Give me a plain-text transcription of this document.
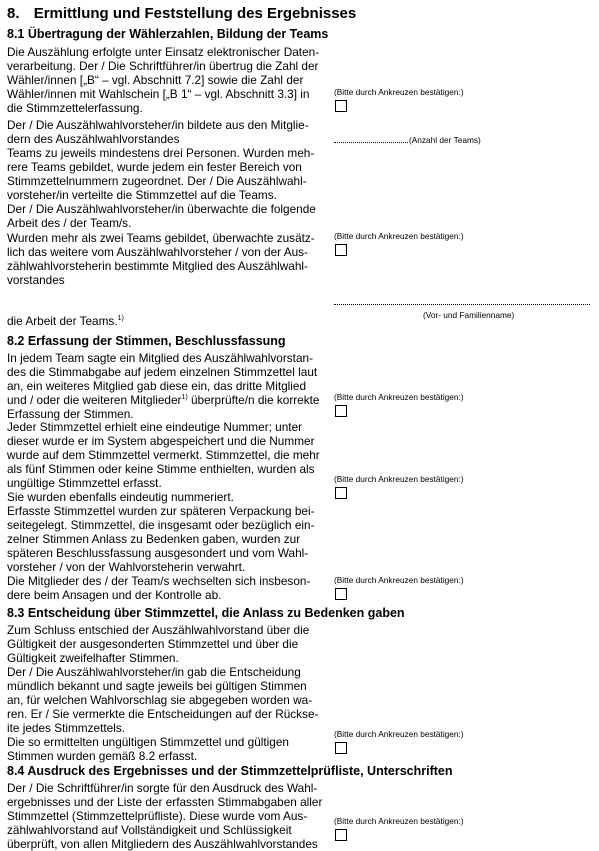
8. Ermittlung und Feststellung des Ergebnisses
8.1 Übertragung der Wählerzahlen, Bildung der Teams
Die Auszählung erfolgte unter Einsatz elektronischer Daten-
verarbeitung. Der / Die Schriftführer/in übertrug die Zahl der
Wähler/innen [„B“ – vgl. Abschnitt 7.2] sowie die Zahl der
Wähler/innen mit Wahlschein [„B 1“ – vgl. Abschnitt 3.3] in
die Stimmzettelerfassung.
(Bitte durch Ankreuzen bestätigen:)
Der / Die Auszählwahlvorsteher/in bildete aus den Mitglie-
dern des Auszählwahlvorstandes
Teams zu jeweils mindestens drei Personen. Wurden meh-
rere Teams gebildet, wurde jedem ein fester Bereich von
Stimmzettelnummern zugeordnet. Der / Die Auszählwahl-
vorsteher/in verteilte die Stimmzettel auf die Teams.
Der / Die Auszählwahlvorsteher/in überwachte die folgende
Arbeit des / der Team/s.
(Anzahl der Teams)
Wurden mehr als zwei Teams gebildet, überwachte zusätz-
lich das weitere vom Auszählwahlvorsteher / von der Aus-
zählwahlvorsteherin bestimmte Mitglied des Auszählwahl-
vorstandes
(Bitte durch Ankreuzen bestätigen:)
(Vor- und Familienname)
die Arbeit der Teams.$^{1)}$
8.2 Erfassung der Stimmen, Beschlussfassung
In jedem Team sagte ein Mitglied des Auszählwahlvorstan-
des die Stimmabgabe auf jedem einzelnen Stimmzettel laut
an, ein weiteres Mitglied gab diese ein, das dritte Mitglied
und / oder die weiteren Mitglieder$^{1)}$ überprüfte/n die korrekte
Erfassung der Stimmen.
(Bitte durch Ankreuzen bestätigen:)
Jeder Stimmzettel erhielt eine eindeutige Nummer; unter
dieser wurde er im System abgespeichert und die Nummer
wurde auf dem Stimmzettel vermerkt. Stimmzettel, die mehr
als fünf Stimmen oder keine Stimme enthielten, wurden als
ungültige Stimmzettel erfasst.
Sie wurden ebenfalls eindeutig nummeriert.
Erfasste Stimmzettel wurden zur späteren Verpackung bei-
seitegelegt. Stimmzettel, die insgesamt oder bezüglich ein-
zelner Stimmen Anlass zu Bedenken gaben, wurden zur
späteren Beschlussfassung ausgesondert und vom Wahl-
vorsteher / von der Wahlvorsteherin verwahrt.
Die Mitglieder des / der Team/s wechselten sich insbeson-
dere beim Ansagen und der Kontrolle ab.
(Bitte durch Ankreuzen bestätigen:)
(Bitte durch Ankreuzen bestätigen:)
8.3 Entscheidung über Stimmzettel, die Anlass zu Bedenken gaben
Zum Schluss entschied der Auszählwahlvorstand über die
Gültigkeit der ausgesonderten Stimmzettel und über die
Gültigkeit zweifelhafter Stimmen.
Der / Die Auszählwahlvorsteher/in gab die Entscheidung
mündlich bekannt und sagte jeweils bei gültigen Stimmen
an, für welchen Wahlvorschlag sie abgegeben worden wa-
ren. Er / Sie vermerkte die Entscheidungen auf der Rückse-
ite jedes Stimmzettels.
Die so ermittelten ungültigen Stimmzettel und gültigen
Stimmen wurden gemäß 8.2 erfasst.
(Bitte durch Ankreuzen bestätigen:)
8.4 Ausdruck des Ergebnisses und der Stimmzettelprüfliste, Unterschriften
Der / Die Schriftführer/in sorgte für den Ausdruck des Wahl-
ergebnisses und der Liste der erfassten Stimmabgaben aller
Stimmzettel (Stimmzettelprüfliste). Diese wurde vom Aus-
zählwahlvorstand auf Vollständigkeit und Schlüssigkeit
überprüft, von allen Mitgliedern des Auszählwahlvorstandes
(Bitte durch Ankreuzen bestätigen:)
